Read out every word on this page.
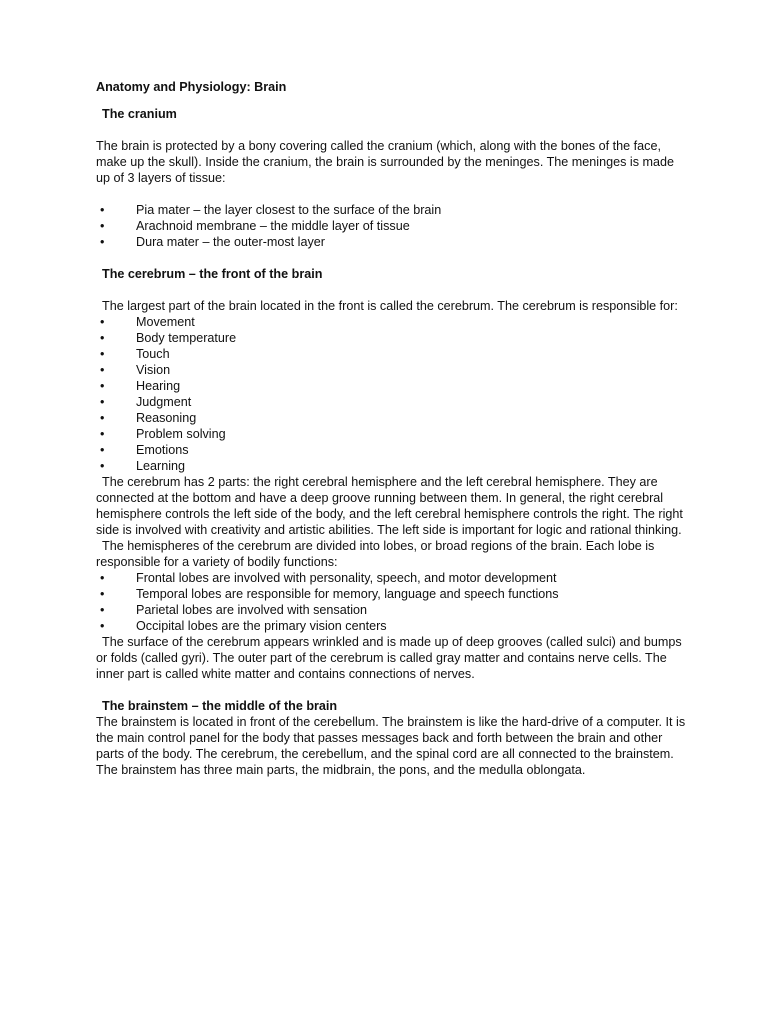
Anatomy and Physiology: Brain

The cranium

The brain is protected by a bony covering called the cranium (which, along with the bones of the face, make up the skull). Inside the cranium, the brain is surrounded by the meninges. The meninges is made up of 3 layers of tissue:

•	Pia mater – the layer closest to the surface of the brain
•	Arachnoid membrane – the middle layer of tissue
•	Dura mater – the outer-most layer

The cerebrum – the front of the brain

The largest part of the brain located in the front is called the cerebrum. The cerebrum is responsible for:

•	Movement
•	Body temperature
•	Touch
•	Vision
•	Hearing
•	Judgment
•	Reasoning
•	Problem solving
•	Emotions
•	Learning

The cerebrum has 2 parts: the right cerebral hemisphere and the left cerebral hemisphere. They are connected at the bottom and have a deep groove running between them. In general, the right cerebral hemisphere controls the left side of the body, and the left cerebral hemisphere controls the right. The right side is involved with creativity and artistic abilities. The left side is important for logic and rational thinking.

The hemispheres of the cerebrum are divided into lobes, or broad regions of the brain. Each lobe is responsible for a variety of bodily functions:

•	Frontal lobes are involved with personality, speech, and motor development
•	Temporal lobes are responsible for memory, language and speech functions
•	Parietal lobes are involved with sensation
•	Occipital lobes are the primary vision centers

The surface of the cerebrum appears wrinkled and is made up of deep grooves (called sulci) and bumps or folds (called gyri). The outer part of the cerebrum is called gray matter and contains nerve cells. The inner part is called white matter and contains connections of nerves.

The brainstem – the middle of the brain

The brainstem is located in front of the cerebellum. The brainstem is like the hard-drive of a computer. It is the main control panel for the body that passes messages back and forth between the brain and other parts of the body. The cerebrum, the cerebellum, and the spinal cord are all connected to the brainstem. The brainstem has three main parts, the midbrain, the pons, and the medulla oblongata.
